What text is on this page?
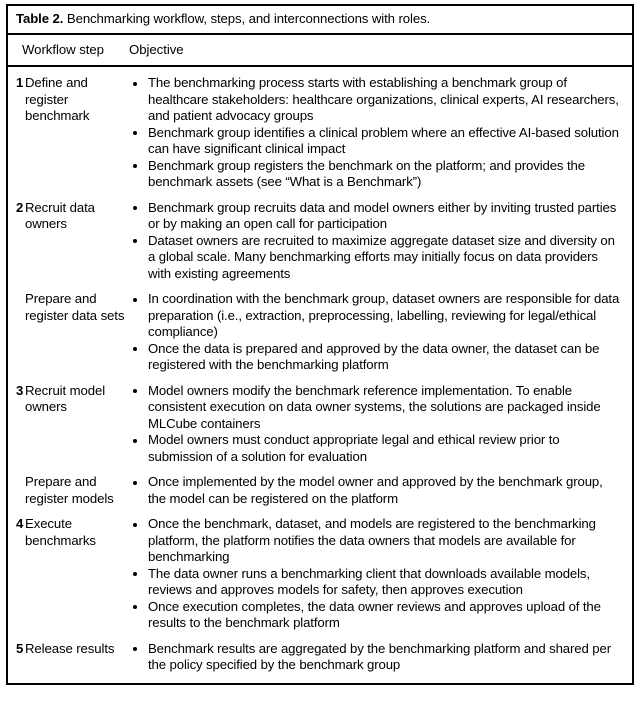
Table 2. Benchmarking workflow, steps, and interconnections with roles.
Workflow step	Objective
1 Define and register benchmark
The benchmarking process starts with establishing a benchmark group of healthcare stakeholders: healthcare organizations, clinical experts, AI researchers, and patient advocacy groups
Benchmark group identifies a clinical problem where an effective AI-based solution can have significant clinical impact
Benchmark group registers the benchmark on the platform; and provides the benchmark assets (see “What is a Benchmark”)
2 Recruit data owners
Benchmark group recruits data and model owners either by inviting trusted parties or by making an open call for participation
Dataset owners are recruited to maximize aggregate dataset size and diversity on a global scale. Many benchmarking efforts may initially focus on data providers with existing agreements
Prepare and register data sets
In coordination with the benchmark group, dataset owners are responsible for data preparation (i.e., extraction, preprocessing, labelling, reviewing for legal/ethical compliance)
Once the data is prepared and approved by the data owner, the dataset can be registered with the benchmarking platform
3 Recruit model owners
Model owners modify the benchmark reference implementation. To enable consistent execution on data owner systems, the solutions are packaged inside MLCube containers
Model owners must conduct appropriate legal and ethical review prior to submission of a solution for evaluation
Prepare and register models
Once implemented by the model owner and approved by the benchmark group, the model can be registered on the platform
4 Execute benchmarks
Once the benchmark, dataset, and models are registered to the benchmarking platform, the platform notifies the data owners that models are available for benchmarking
The data owner runs a benchmarking client that downloads available models, reviews and approves models for safety, then approves execution
Once execution completes, the data owner reviews and approves upload of the results to the benchmark platform
5 Release results	Benchmark results are aggregated by the benchmarking platform and shared per the policy specified by the benchmark group
